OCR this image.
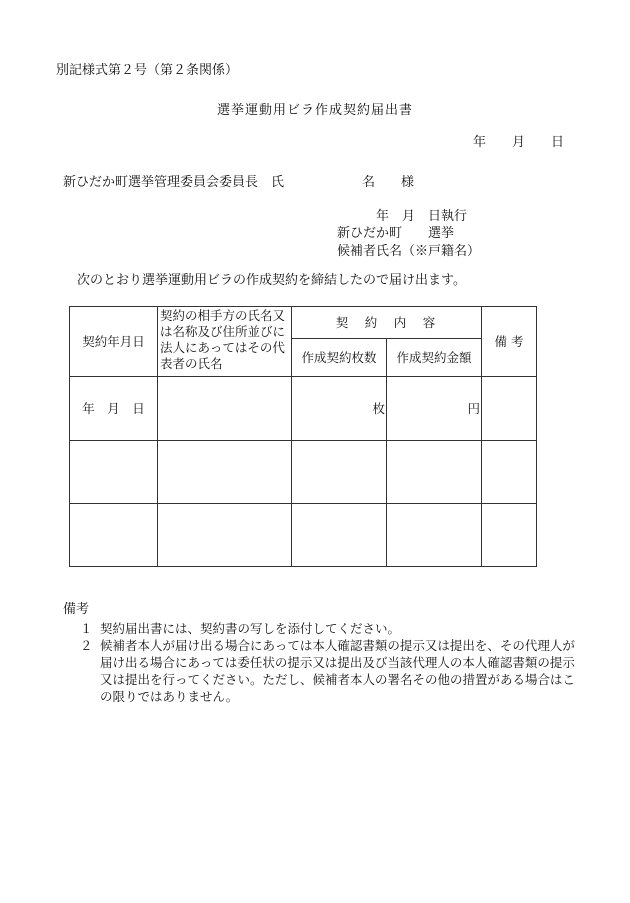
別記様式第２号（第２条関係）
選挙運動用ビラ作成契約届出書
年　　月　　日
新ひだか町選挙管理委員会委員長　氏　　　　　　名　　様
年　月　日執行
新ひだか町　　選挙
候補者氏名（※戸籍名）
次のとおり選挙運動用ビラの作成契約を締結したので届け出ます。
契約年月日	契約の相手方の氏名又は名称及び住所並びに法人にあってはその代表者の氏名	契　約　内　容		備 考
		作成契約枚数	作成契約金額	
年　月　日		枚	円	

備考
１ 契約届出書には、契約書の写しを添付してください。
２ 候補者本人が届け出る場合にあっては本人確認書類の提示又は提出を、その代理人が届け出る場合にあっては委任状の提示又は提出及び当該代理人の本人確認書類の提示又は提出を行ってください。ただし、候補者本人の署名その他の措置がある場合はこの限りではありません。
